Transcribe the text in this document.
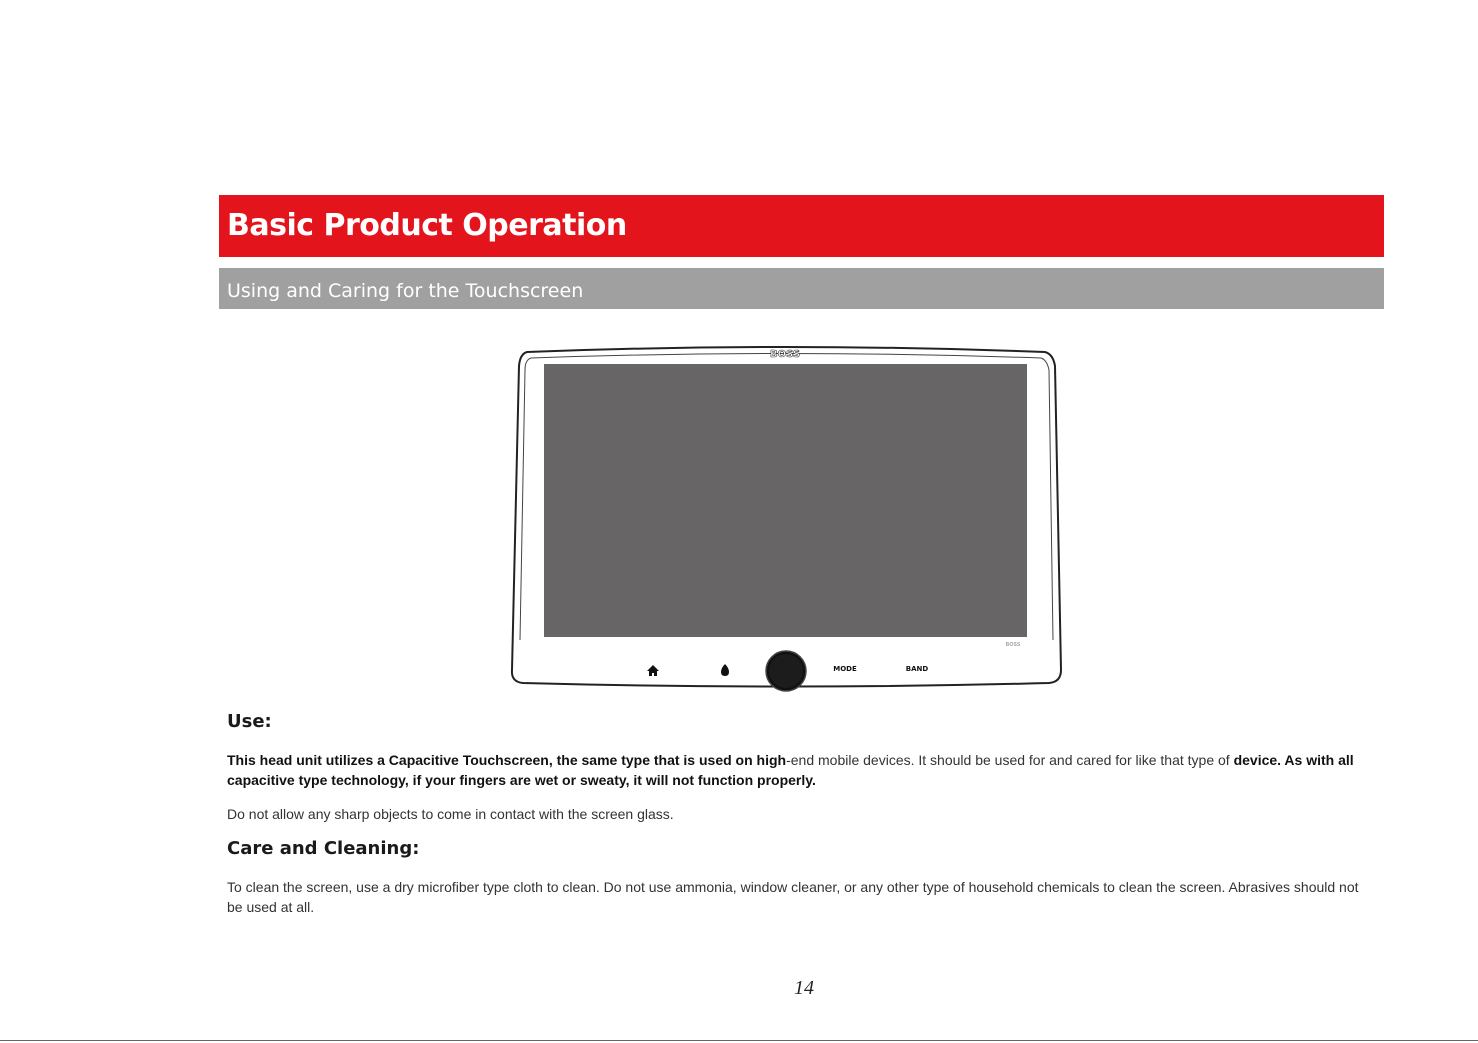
Basic Product Operation
Using and Caring for the Touchscreen
BOSS
BOSS
MODE	BAND
Use:
This head unit utilizes a Capacitive Touchscreen, the same type that is used on high-end mobile devices. It should be used for and cared for like that type of device. As with all capacitive type technology, if your fingers are wet or sweaty, it will not function properly.
Do not allow any sharp objects to come in contact with the screen glass.
Care and Cleaning:
To clean the screen, use a dry microfiber type cloth to clean. Do not use ammonia, window cleaner, or any other type of household chemicals to clean the screen. Abrasives should not be used at all.
14
